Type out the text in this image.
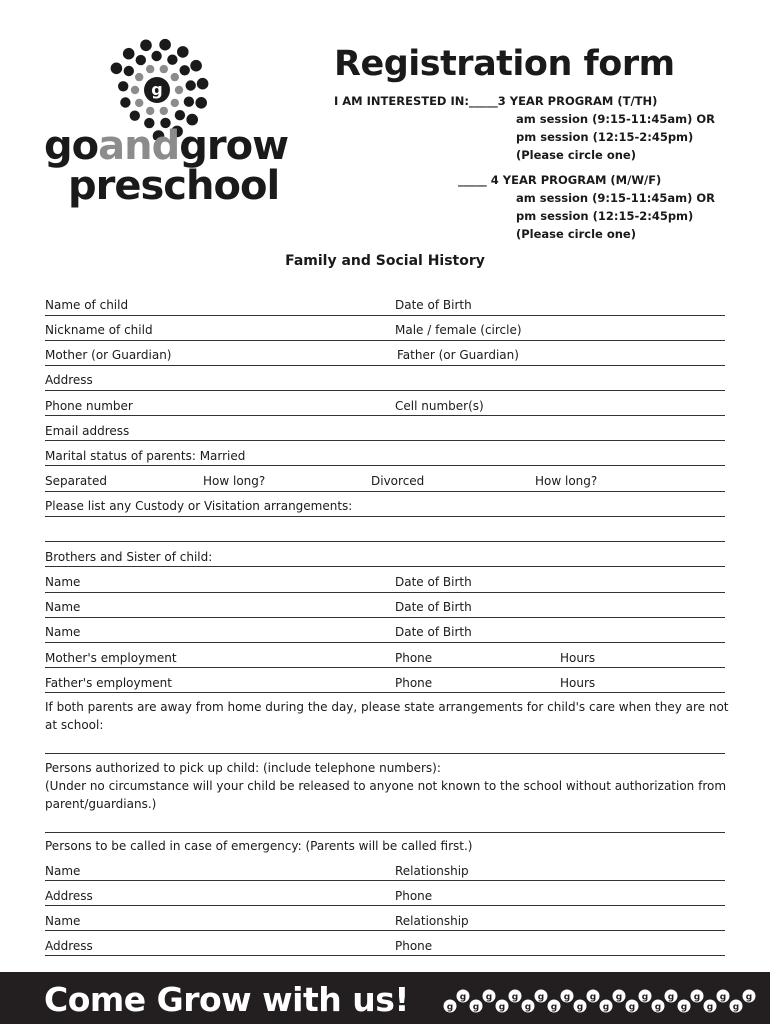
g
goandgrow
preschool
Registration form
I AM INTERESTED IN:_____3 YEAR PROGRAM (T/TH)
am session (9:15-11:45am) OR
pm session (12:15-2:45pm)
(Please circle one)
_____ 4 YEAR PROGRAM (M/W/F)
am session (9:15-11:45am) OR
pm session (12:15-2:45pm)
(Please circle one)
Family and Social History
Name of child	Date of Birth
Nickname of child	Male / female (circle)
Mother (or Guardian)	Father (or Guardian)
Address
Phone number	Cell number(s)
Email address
Marital status of parents: Married
Separated	How long?	Divorced	How long?
Please list any Custody or Visitation arrangements:
Brothers and Sister of child:
Name	Date of Birth
Name	Date of Birth
Name	Date of Birth
Mother's employment	Phone	Hours
Father's employment	Phone	Hours
If both parents are away from home during the day, please state arrangements for child's care when they are not at school:
Persons authorized to pick up child: (include telephone numbers):
(Under no circumstance will your child be released to anyone not known to the school without authorization from parent/guardians.)
Persons to be called in case of emergency: (Parents will be called first.)
Name	Relationship
Address	Phone
Name	Relationship
Address	Phone
Come Grow with us!	g
g
g
g
g
g
g
g
g
g
g
g
g
g
g
g
g
g
g
g
g
g
g
g
